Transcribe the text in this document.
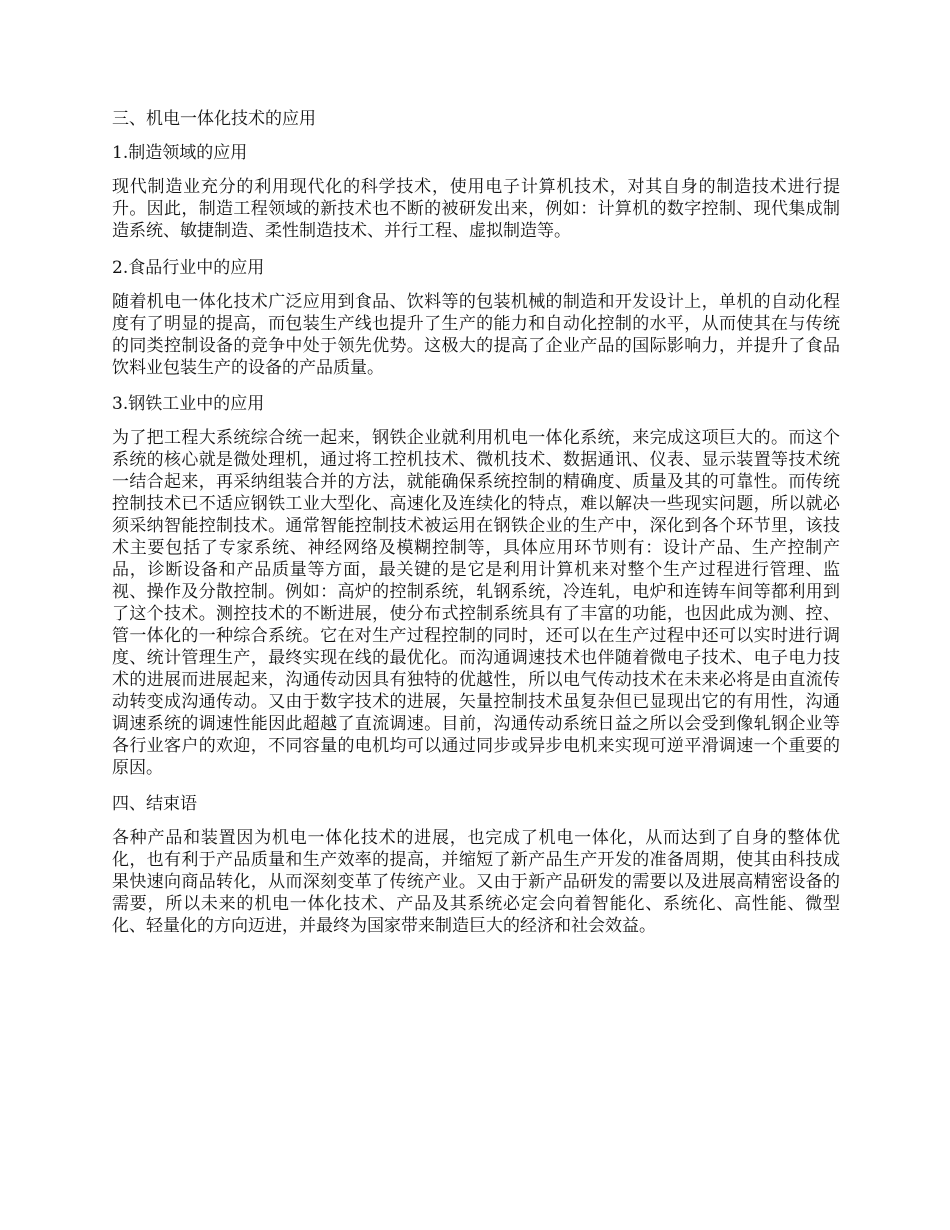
三、机电一体化技术的应用
1.制造领域的应用
现代制造业充分的利用现代化的科学技术，使用电子计算机技术，对其自身的制造技术进行提升。因此，制造工程领域的新技术也不断的被研发出来，例如：计算机的数字控制、现代集成制造系统、敏捷制造、柔性制造技术、并行工程、虚拟制造等。
2.食品行业中的应用
随着机电一体化技术广泛应用到食品、饮料等的包装机械的制造和开发设计上，单机的自动化程度有了明显的提高，而包装生产线也提升了生产的能力和自动化控制的水平，从而使其在与传统的同类控制设备的竞争中处于领先优势。这极大的提高了企业产品的国际影响力，并提升了食品饮料业包装生产的设备的产品质量。
3.钢铁工业中的应用
为了把工程大系统综合统一起来，钢铁企业就利用机电一体化系统，来完成这项巨大的。而这个系统的核心就是微处理机，通过将工控机技术、微机技术、数据通讯、仪表、显示装置等技术统一结合起来，再采纳组装合并的方法，就能确保系统控制的精确度、质量及其的可靠性。而传统控制技术已不适应钢铁工业大型化、高速化及连续化的特点，难以解决一些现实问题，所以就必须采纳智能控制技术。通常智能控制技术被运用在钢铁企业的生产中，深化到各个环节里，该技术主要包括了专家系统、神经网络及模糊控制等，具体应用环节则有：设计产品、生产控制产品，诊断设备和产品质量等方面，最关键的是它是利用计算机来对整个生产过程进行管理、监视、操作及分散控制。例如：高炉的控制系统，轧钢系统，冷连轧，电炉和连铸车间等都利用到了这个技术。测控技术的不断进展，使分布式控制系统具有了丰富的功能，也因此成为测、控、管一体化的一种综合系统。它在对生产过程控制的同时，还可以在生产过程中还可以实时进行调度、统计管理生产，最终实现在线的最优化。而沟通调速技术也伴随着微电子技术、电子电力技术的进展而进展起来，沟通传动因具有独特的优越性，所以电气传动技术在未来必将是由直流传动转变成沟通传动。又由于数字技术的进展，矢量控制技术虽复杂但已显现出它的有用性，沟通调速系统的调速性能因此超越了直流调速。目前，沟通传动系统日益之所以会受到像轧钢企业等各行业客户的欢迎，不同容量的电机均可以通过同步或异步电机来实现可逆平滑调速一个重要的原因。
四、结束语
各种产品和装置因为机电一体化技术的进展，也完成了机电一体化，从而达到了自身的整体优化，也有利于产品质量和生产效率的提高，并缩短了新产品生产开发的准备周期，使其由科技成果快速向商品转化，从而深刻变革了传统产业。又由于新产品研发的需要以及进展高精密设备的需要，所以未来的机电一体化技术、产品及其系统必定会向着智能化、系统化、高性能、微型化、轻量化的方向迈进，并最终为国家带来制造巨大的经济和社会效益。
